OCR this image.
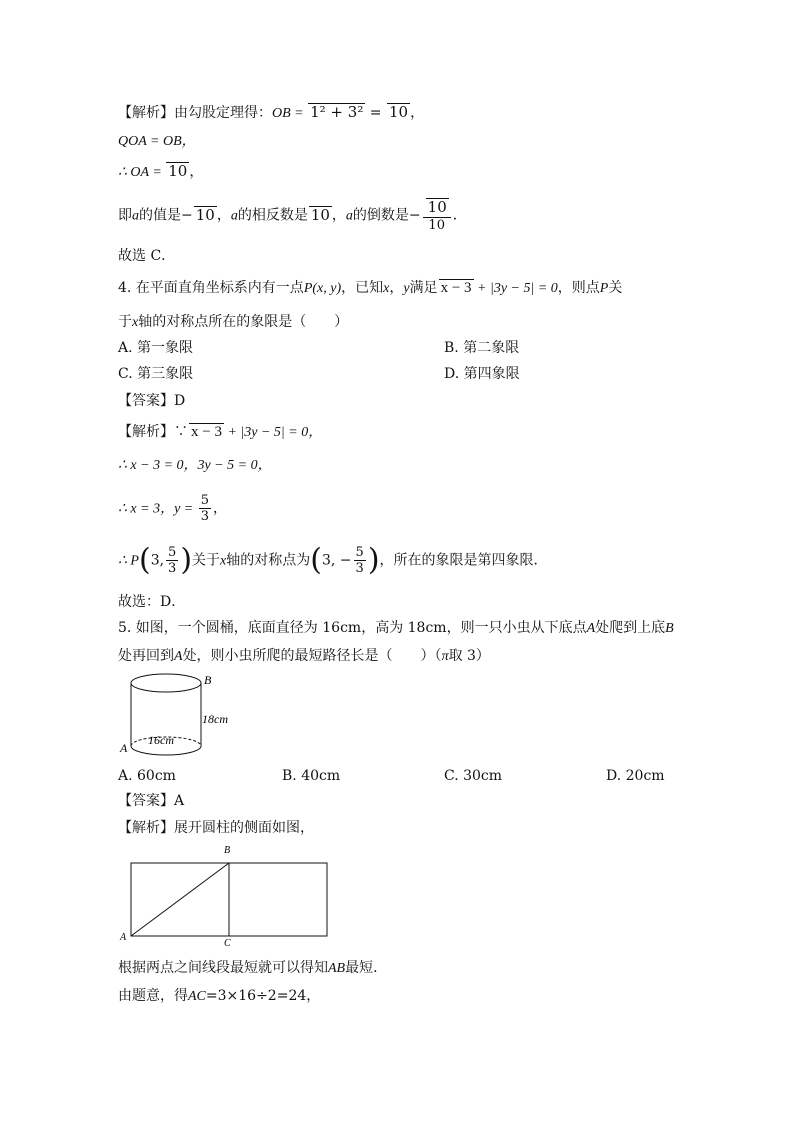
【解析】由勾股定理得：OB = 1² + 3² = 10 ，
QOA = OB，
∴ OA = 10 ，
即a的值是− 10 ，a的相反数是 10 ，a的倒数是− $\frac{10}{10}$ ．
故选 C．
4. 在平面直角坐标系内有一点P(x, y)，已知x，y满足 x − 3 + |3y − 5| = 0，则点P关
于x轴的对称点所在的象限是（　　）
A. 第一象限	B. 第二象限
C. 第三象限	D. 第四象限
【答案】D
【解析】∵ x − 3 + |3y − 5| = 0，
∴ x − 3 = 0，3y − 5 = 0，
∴ x = 3，$y = \frac{5}{3}$ ，
∴ P(3, $\frac{5}{3}$ )关于x轴的对称点为(3, − $\frac{5}{3}$ )，所在的象限是第四象限．
故选：D．
5. 如图，一个圆桶，底面直径为 16cm，高为 18cm，则一只小虫从下底点A处爬到上底B
处再回到A处，则小虫所爬的最短路径长是（　　）（π取 3）
B
18cm
16cm
A
A. 60cm	B. 40cm	C. 30cm	D. 20cm
【答案】A
【解析】展开圆柱的侧面如图，
B
A
C
根据两点之间线段最短就可以得知AB最短．
由题意，得AC=3×16÷2=24，
